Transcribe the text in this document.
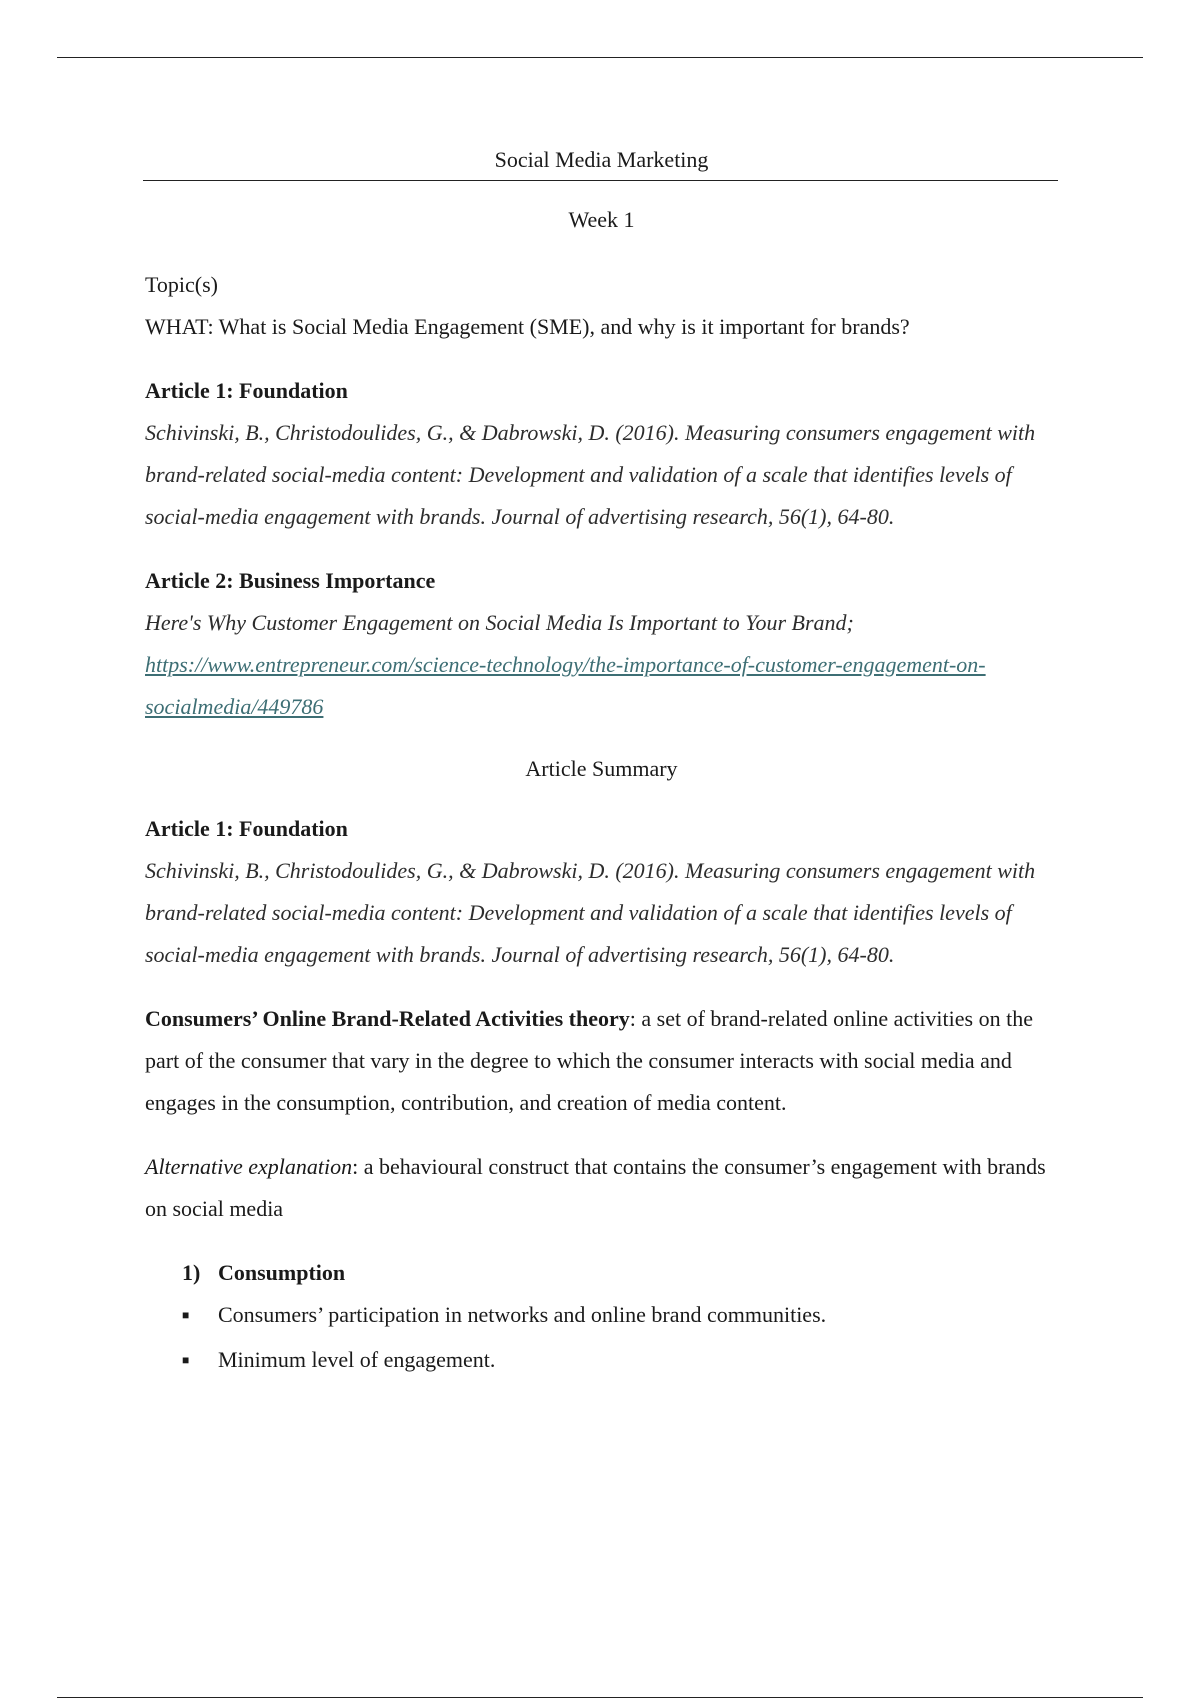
Social Media Marketing

Week 1

Topic(s)

WHAT: What is Social Media Engagement (SME), and why is it important for brands?

Article 1: Foundation

Schivinski, B., Christodoulides, G., & Dabrowski, D. (2016). Measuring consumers engagement with brand-related social-media content: Development and validation of a scale that identifies levels of social-media engagement with brands. Journal of advertising research, 56(1), 64-80.

Article 2: Business Importance

Here's Why Customer Engagement on Social Media Is Important to Your Brand;

https://www.entrepreneur.com/science-technology/the-importance-of-customer-engagement-on-socialmedia/449786

Article Summary

Article 1: Foundation

Schivinski, B., Christodoulides, G., & Dabrowski, D. (2016). Measuring consumers engagement with brand-related social-media content: Development and validation of a scale that identifies levels of social-media engagement with brands. Journal of advertising research, 56(1), 64-80.

Consumers’ Online Brand-Related Activities theory: a set of brand-related online activities on the part of the consumer that vary in the degree to which the consumer interacts with social media and engages in the consumption, contribution, and creation of media content.

Alternative explanation: a behavioural construct that contains the consumer’s engagement with brands on social media

1) Consumption
■	Consumers’ participation in networks and online brand communities.
■	Minimum level of engagement.
